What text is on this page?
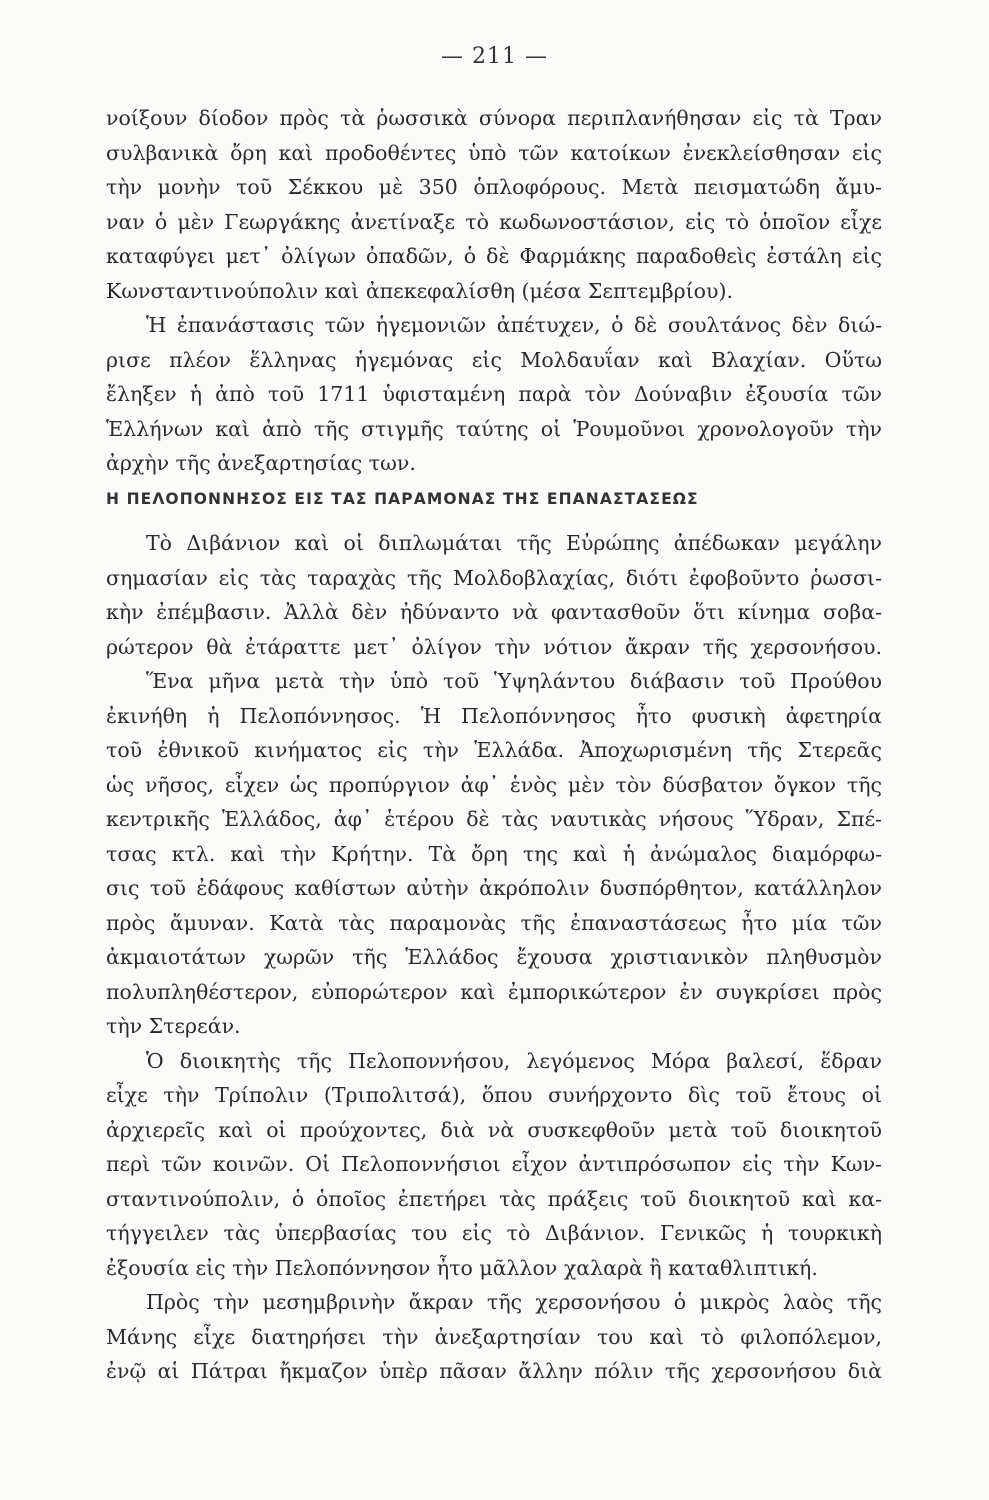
— 211 —
νοίξουν δίοδον πρὸς τὰ ῥωσσικὰ σύνορα περιπλανήθησαν εἰς τὰ Τραν
συλβανικὰ ὄρη καὶ προδοθέντες ὑπὸ τῶν κατοίκων ἐνεκλείσθησαν εἰς
τὴν μονὴν τοῦ Σέκκου μὲ 350 ὁπλοφόρους. Μετὰ πεισματώδη ἄμυ-
ναν ὁ μὲν Γεωργάκης ἀνετίναξε τὸ κωδωνοστάσιον, εἰς τὸ ὁποῖον εἶχε
καταφύγει μετ᾽ ὀλίγων ὀπαδῶν, ὁ δὲ Φαρμάκης παραδοθεὶς ἐστάλη εἰς
Κωνσταντινούπολιν καὶ ἀπεκεφαλίσθη (μέσα Σεπτεμβρίου).
Ἡ ἐπανάστασις τῶν ἡγεμονιῶν ἀπέτυχεν, ὁ δὲ σουλτάνος δὲν διώ-
ρισε πλέον ἕλληνας ἡγεμόνας εἰς Μολδαυΐαν καὶ Βλαχίαν. Οὕτω
ἔληξεν ἡ ἀπὸ τοῦ 1711 ὑφισταμένη παρὰ τὸν Δούναβιν ἐξουσία τῶν
Ἑλλήνων καὶ ἀπὸ τῆς στιγμῆς ταύτης οἱ Ῥουμοῦνοι χρονολογοῦν τὴν
ἀρχὴν τῆς ἀνεξαρτησίας των.
Η ΠΕΛΟΠΟΝΝΗΣΟΣ ΕΙΣ ΤΑΣ ΠΑΡΑΜΟΝΑΣ ΤΗΣ ΕΠΑΝΑΣΤΑΣΕΩΣ
Τὸ Διβάνιον καὶ οἱ διπλωμάται τῆς Εὐρώπης ἀπέδωκαν μεγάλην
σημασίαν εἰς τὰς ταραχὰς τῆς Μολδοβλαχίας, διότι ἐφοβοῦντο ῥωσσι-
κὴν ἐπέμβασιν. Ἀλλὰ δὲν ἠδύναντο νὰ φαντασθοῦν ὅτι κίνημα σοβα-
ρώτερον θὰ ἐτάραττε μετ᾽ ὀλίγον τὴν νότιον ἄκραν τῆς χερσονήσου.
Ἕνα μῆνα μετὰ τὴν ὑπὸ τοῦ Ὑψηλάντου διάβασιν τοῦ Προύθου
ἐκινήθη ἡ Πελοπόννησος. Ἡ Πελοπόννησος ἦτο φυσικὴ ἀφετηρία
τοῦ ἐθνικοῦ κινήματος εἰς τὴν Ἑλλάδα. Ἀποχωρισμένη τῆς Στερεᾶς
ὡς νῆσος, εἶχεν ὡς προπύργιον ἀφ᾽ ἑνὸς μὲν τὸν δύσβατον ὄγκον τῆς
κεντρικῆς Ἑλλάδος, ἀφ᾽ ἑτέρου δὲ τὰς ναυτικὰς νήσους Ὕδραν, Σπέ-
τσας κτλ. καὶ τὴν Κρήτην. Τὰ ὄρη της καὶ ἡ ἀνώμαλος διαμόρφω-
σις τοῦ ἐδάφους καθίστων αὐτὴν ἀκρόπολιν δυσπόρθητον, κατάλληλον
πρὸς ἄμυναν. Κατὰ τὰς παραμονὰς τῆς ἐπαναστάσεως ἦτο μία τῶν
ἀκμαιοτάτων χωρῶν τῆς Ἑλλάδος ἔχουσα χριστιανικὸν πληθυσμὸν
πολυπληθέστερον, εὐπορώτερον καὶ ἐμπορικώτερον ἐν συγκρίσει πρὸς
τὴν Στερεάν.
Ὁ διοικητὴς τῆς Πελοποννήσου, λεγόμενος Μόρα βαλεσί, ἕδραν
εἶχε τὴν Τρίπολιν (Τριπολιτσά), ὅπου συνήρχοντο δὶς τοῦ ἔτους οἱ
ἀρχιερεῖς καὶ οἱ προύχοντες, διὰ νὰ συσκεφθοῦν μετὰ τοῦ διοικητοῦ
περὶ τῶν κοινῶν. Οἱ Πελοποννήσιοι εἶχον ἀντιπρόσωπον εἰς τὴν Κων-
σταντινούπολιν, ὁ ὁποῖος ἐπετήρει τὰς πράξεις τοῦ διοικητοῦ καὶ κα-
τήγγειλεν τὰς ὑπερβασίας του εἰς τὸ Διβάνιον. Γενικῶς ἡ τουρκικὴ
ἐξουσία εἰς τὴν Πελοπόννησον ἦτο μᾶλλον χαλαρὰ ἢ καταθλιπτική.
Πρὸς τὴν μεσημβρινὴν ἄκραν τῆς χερσονήσου ὁ μικρὸς λαὸς τῆς
Μάνης εἶχε διατηρήσει τὴν ἀνεξαρτησίαν του καὶ τὸ φιλοπόλεμον,
ἐνῷ αἱ Πάτραι ἤκμαζον ὑπὲρ πᾶσαν ἄλλην πόλιν τῆς χερσονήσου διὰ
